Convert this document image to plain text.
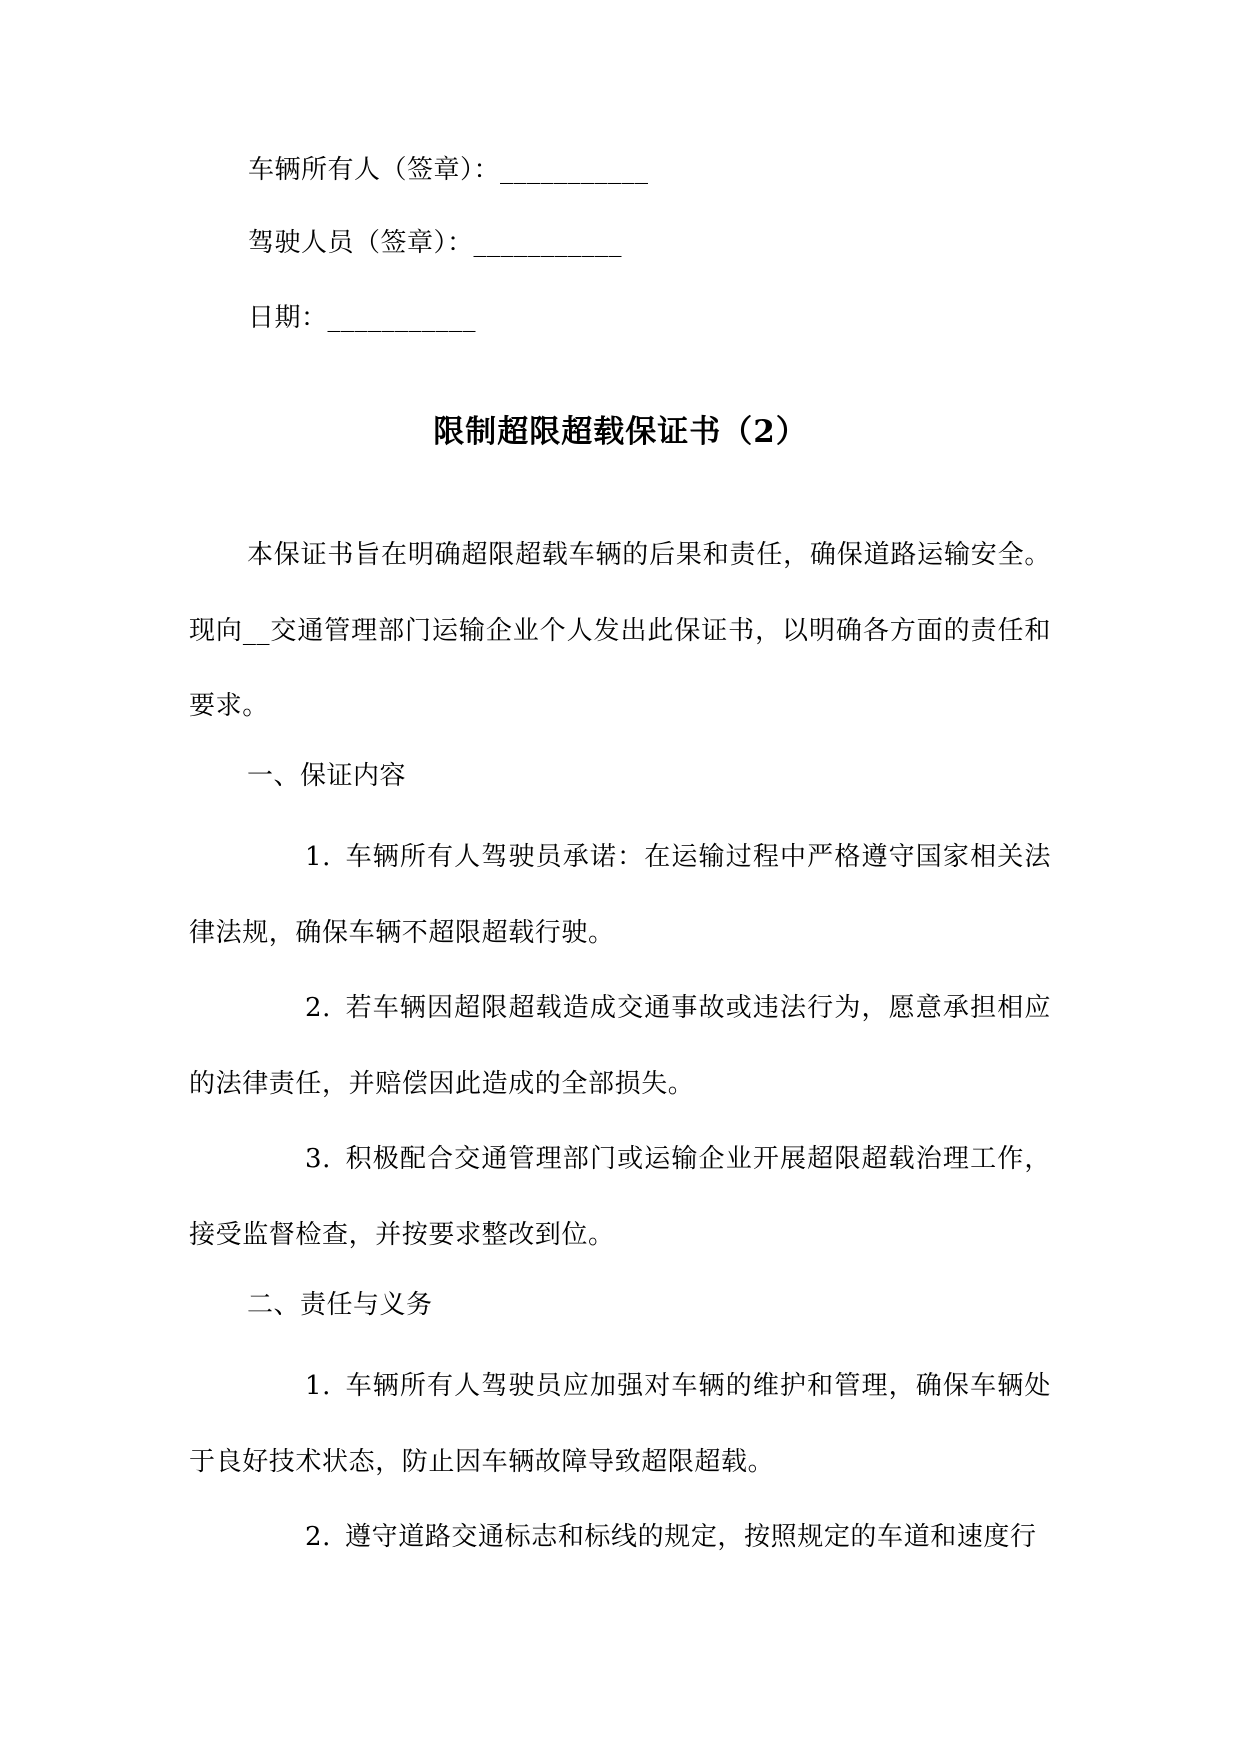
车辆所有人（签章）：___________
驾驶人员（签章）：___________
日期：___________
限制超限超载保证书（2）
本保证书旨在明确超限超载车辆的后果和责任，确保道路运输安全。现向__交通管理部门运输企业个人发出此保证书，以明确各方面的责任和要求。
一、保证内容
1. 车辆所有人驾驶员承诺：在运输过程中严格遵守国家相关法律法规，确保车辆不超限超载行驶。
2. 若车辆因超限超载造成交通事故或违法行为，愿意承担相应的法律责任，并赔偿因此造成的全部损失。
3. 积极配合交通管理部门或运输企业开展超限超载治理工作，接受监督检查，并按要求整改到位。
二、责任与义务
1. 车辆所有人驾驶员应加强对车辆的维护和管理，确保车辆处于良好技术状态，防止因车辆故障导致超限超载。
2. 遵守道路交通标志和标线的规定，按照规定的车道和速度行
